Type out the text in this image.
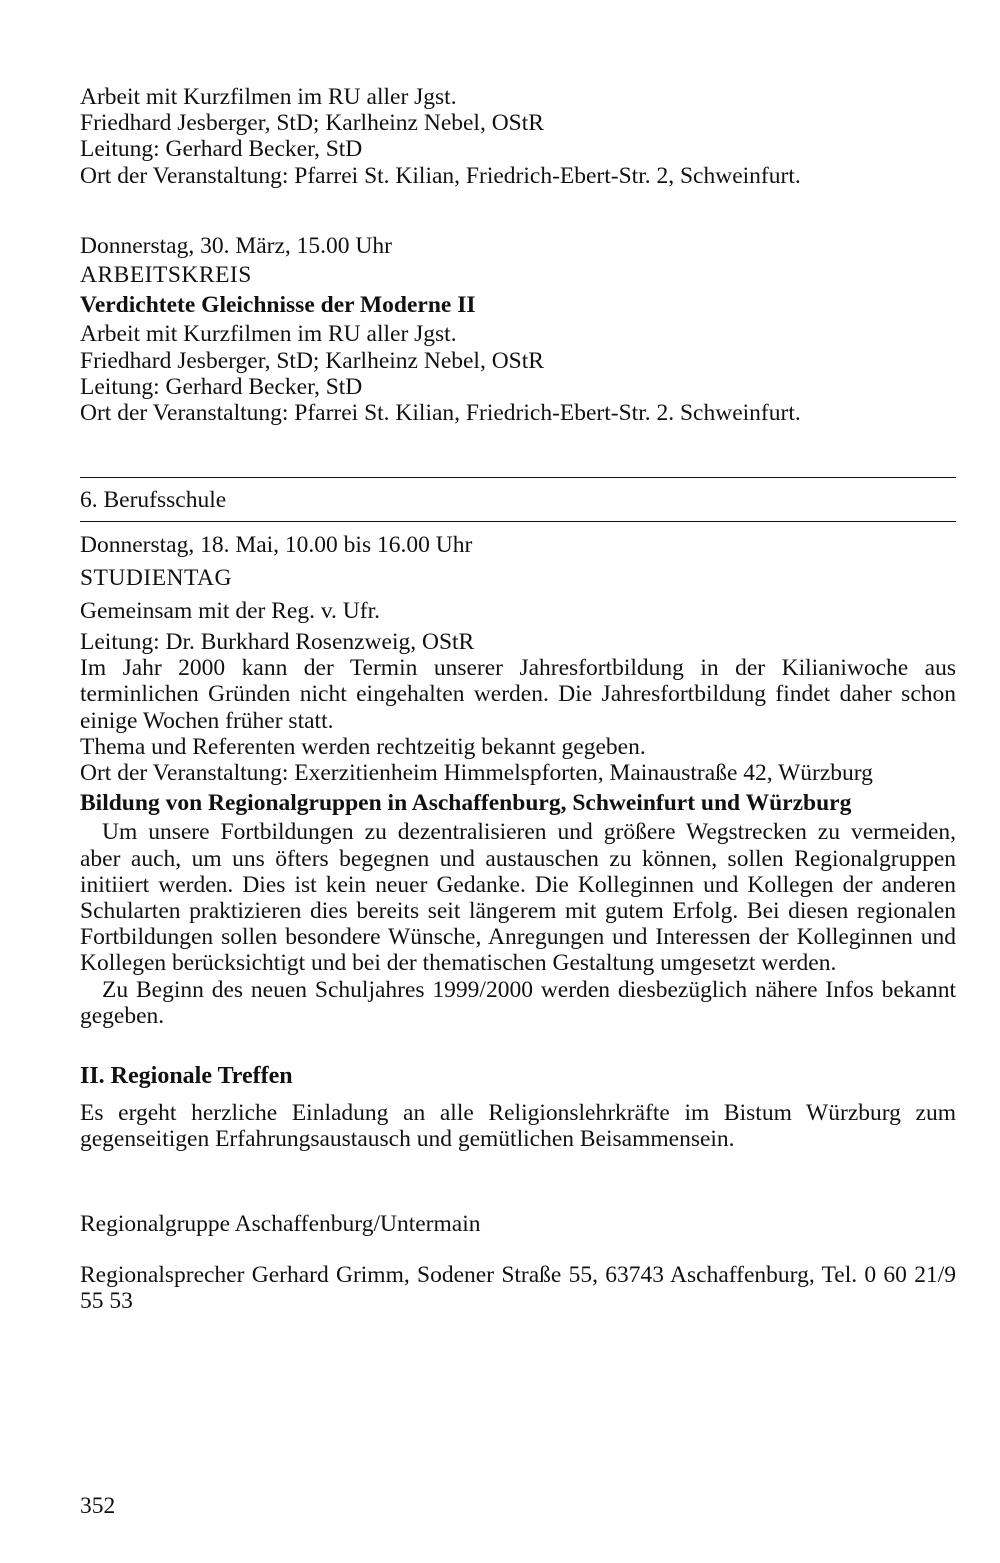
Arbeit mit Kurzfilmen im RU aller Jgst.

Friedhard Jesberger, StD; Karlheinz Nebel, OStR

Leitung: Gerhard Becker, StD

Ort der Veranstaltung: Pfarrei St. Kilian, Friedrich-Ebert-Str. 2, Schweinfurt.

Donnerstag, 30. März, 15.00 Uhr

ARBEITSKREIS

Verdichtete Gleichnisse der Moderne II

Arbeit mit Kurzfilmen im RU aller Jgst.

Friedhard Jesberger, StD; Karlheinz Nebel, OStR

Leitung: Gerhard Becker, StD

Ort der Veranstaltung: Pfarrei St. Kilian, Friedrich-Ebert-Str. 2. Schweinfurt.

6. Berufsschule

Donnerstag, 18. Mai, 10.00 bis 16.00 Uhr

STUDIENTAG

Gemeinsam mit der Reg. v. Ufr.

Leitung: Dr. Burkhard Rosenzweig, OStR

Im Jahr 2000 kann der Termin unserer Jahresfortbildung in der Kilianiwoche aus terminlichen Gründen nicht eingehalten werden. Die Jahresfortbildung findet daher schon einige Wochen früher statt.

Thema und Referenten werden rechtzeitig bekannt gegeben.

Ort der Veranstaltung: Exerzitienheim Himmelspforten, Mainaustraße 42, Würzburg

Bildung von Regionalgruppen in Aschaffenburg, Schweinfurt und Würzburg

Um unsere Fortbildungen zu dezentralisieren und größere Wegstrecken zu vermeiden, aber auch, um uns öfters begegnen und austauschen zu können, sollen Regionalgruppen initiiert werden. Dies ist kein neuer Gedanke. Die Kolleginnen und Kollegen der anderen Schularten praktizieren dies bereits seit längerem mit gutem Erfolg. Bei diesen regionalen Fortbildungen sollen besondere Wünsche, Anregungen und Interessen der Kolleginnen und Kollegen berücksichtigt und bei der thematischen Gestaltung umgesetzt werden.

Zu Beginn des neuen Schuljahres 1999/2000 werden diesbezüglich nähere Infos bekannt gegeben.

II. Regionale Treffen

Es ergeht herzliche Einladung an alle Religionslehrkräfte im Bistum Würzburg zum gegenseitigen Erfahrungsaustausch und gemütlichen Beisammensein.

Regionalgruppe Aschaffenburg/Untermain

Regionalsprecher Gerhard Grimm, Sodener Straße 55, 63743 Aschaffenburg, Tel. 0 60 21/9 55 53

352
